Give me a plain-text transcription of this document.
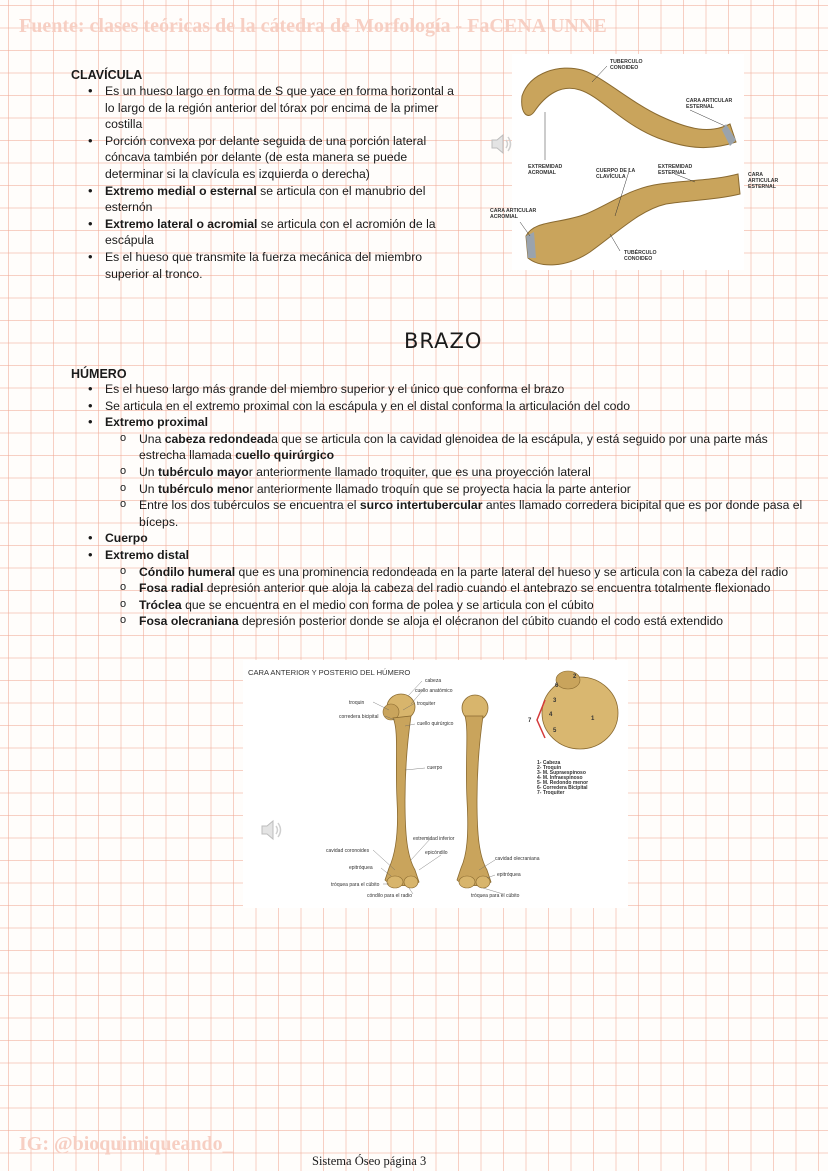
Fuente: clases teóricas de la cátedra de Morfología - FaCENA UNNE
CLAVÍCULA
• Es un hueso largo en forma de S que yace en forma horizontal a lo largo de la región anterior del tórax por encima de la primer costilla
• Porción convexa por delante seguida de una porción lateral cóncava también por delante (de esta manera se puede determinar si la clavícula es izquierda o derecha)
• Extremo medial o esternal se articula con el manubrio del esternón
• Extremo lateral o acromial se articula con el acromión de la escápula
• Es el hueso que transmite la fuerza mecánica del miembro superior al tronco.
TUBERCULO
CONOIDEO
CARA ARTICULAR
ESTERNAL
EXTREMIDAD
ACROMIAL	CUERPO DE LA
CLAVÍCULA
EXTREMIDAD
ESTERNAL	CARA
ARTICULAR
ESTERNAL
CARA ARTICULAR
ACROMIAL
TUBÉRCULO
CONOIDEO
BRAZO
HÚMERO
• Es el hueso largo más grande del miembro superior y el único que conforma el brazo
• Se articula en el extremo proximal con la escápula y en el distal conforma la articulación del codo
• Extremo proximal
o Una cabeza redondeada que se articula con la cavidad glenoidea de la escápula, y está seguido por una parte más estrecha llamada cuello quirúrgico
o Un tubérculo mayor anteriormente llamado troquiter, que es una proyección lateral
o Un tubérculo menor anteriormente llamado troquín que se proyecta hacia la parte anterior
o Entre los dos tubérculos se encuentra el surco intertubercular antes llamado corredera bicipital que es por donde pasa el bíceps.
• Cuerpo
• Extremo distal
o Cóndilo humeral que es una prominencia redondeada en la parte lateral del hueso y se articula con la cabeza del radio
o Fosa radial depresión anterior que aloja la cabeza del radio cuando el antebrazo se encuentra totalmente flexionado
o Tróclea que se encuentra en el medio con forma de polea y se articula con el cúbito
o Fosa olecraniana depresión posterior donde se aloja el olécranon del cúbito cuando el codo está extendido
CARA ANTERIOR Y POSTERIO DEL HÚMERO
cabeza
cuello anatómico
troquin	troquiter
corredera bicipital
cuello quirúrgico
cuerpo
extremidad inferior
cavidad coronoides	epicóndilo
cavidad olecraniana
epitróquea
epitróquea
tróquea para el cúbito
cóndilo para el radio	tróquea para el cúbito
1
2
3
4
5
6
7
1- Cabeza
2- Troquin
3- M. Supraespinoso
4- M. Infraespinoso
5- M. Redondo menor
6- Corredera Bicipital
7- Troquiter
IG: @bioquimiqueando_
Sistema Óseo página 3
